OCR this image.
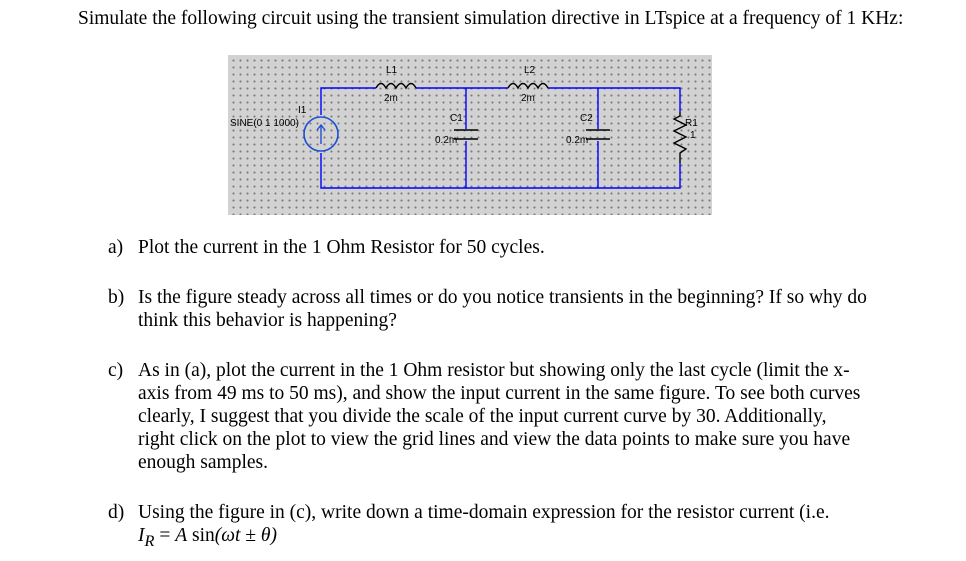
Simulate the following circuit using the transient simulation directive in LTspice at a frequency of 1 KHz:

SINE(0 1 1000)
I1
L1
2m
L2
2m
C1
0.2m
C2
0.2m
R1
1
a) Plot the current in the 1 Ohm Resistor for 50 cycles.
b) Is the figure steady across all times or do you notice transients in the beginning? If so why do think this behavior is happening?
c) As in (a), plot the current in the 1 Ohm resistor but showing only the last cycle (limit the x-axis from 49 ms to 50 ms), and show the input current in the same figure. To see both curves clearly, I suggest that you divide the scale of the input current curve by 30. Additionally, right click on the plot to view the grid lines and view the data points to make sure you have enough samples.
d) Using the figure in (c), write down a time-domain expression for the resistor current (i.e.
$I_R = A$ sin(ωt ± θ)
